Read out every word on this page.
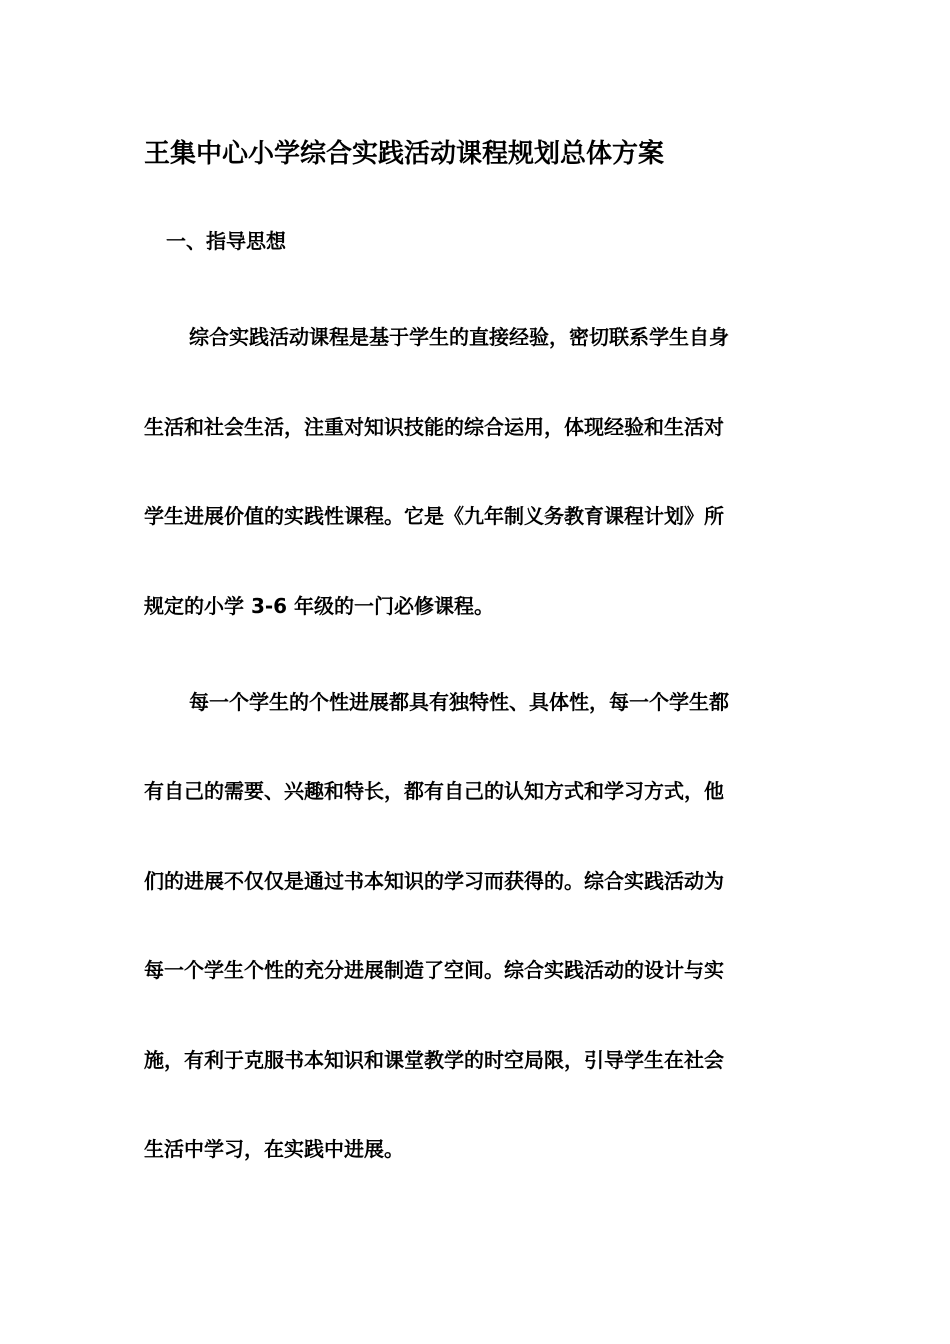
王集中心小学综合实践活动课程规划总体方案
一、指导思想

综合实践活动课程是基于学生的直接经验，密切联系学生自身

生活和社会生活，注重对知识技能的综合运用，体现经验和生活对

学生进展价值的实践性课程。它是《九年制义务教育课程计划》所

规定的小学 3-6 年级的一门必修课程。

每一个学生的个性进展都具有独特性、具体性，每一个学生都

有自己的需要、兴趣和特长，都有自己的认知方式和学习方式，他

们的进展不仅仅是通过书本知识的学习而获得的。综合实践活动为

每一个学生个性的充分进展制造了空间。综合实践活动的设计与实

施，有利于克服书本知识和课堂教学的时空局限，引导学生在社会

生活中学习，在实践中进展。
